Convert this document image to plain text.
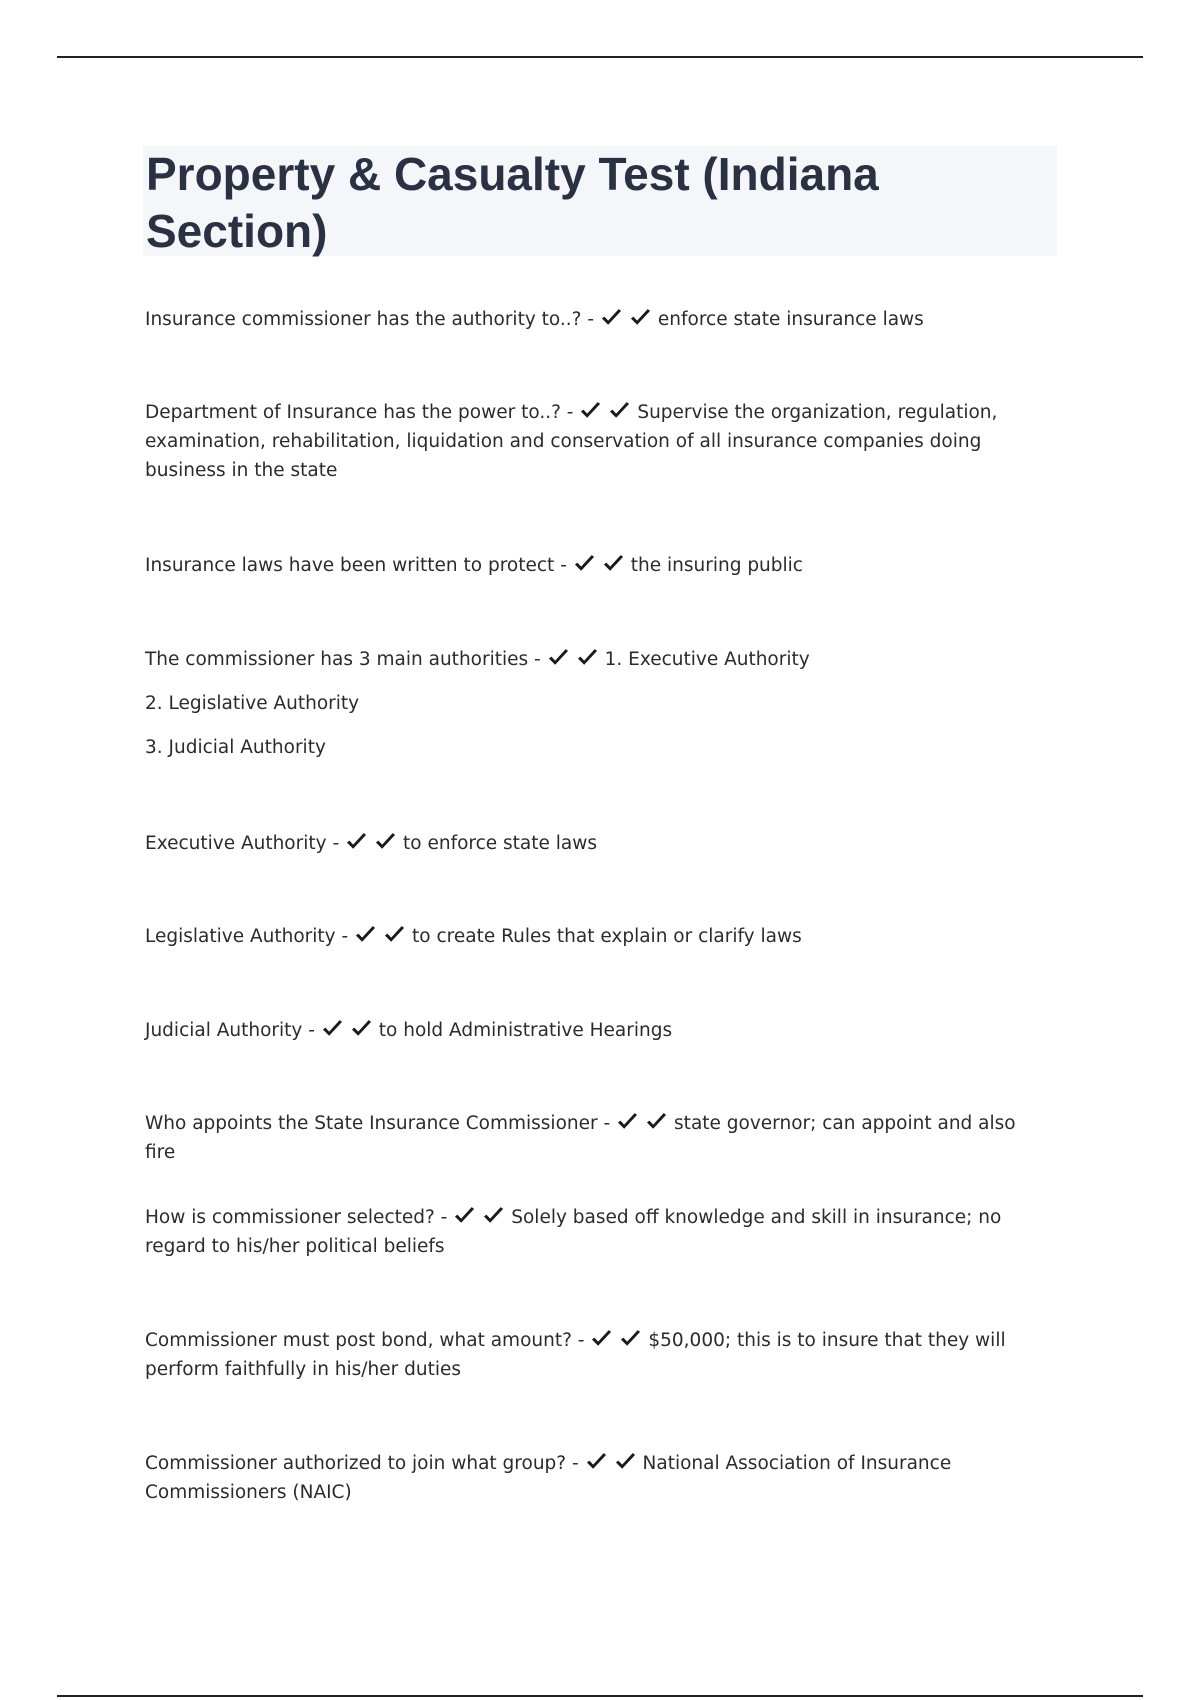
Property & Casualty Test (Indiana Section)

Insurance commissioner has the authority to..? -	enforce state insurance laws

Department of Insurance has the power to..? -	Supervise the organization, regulation, examination, rehabilitation, liquidation and conservation of all insurance companies doing business in the state

Insurance laws have been written to protect -	the insuring public

The commissioner has 3 main authorities -	1. Executive Authority
2. Legislative Authority
3. Judicial Authority

Executive Authority -	to enforce state laws

Legislative Authority -	to create Rules that explain or clarify laws

Judicial Authority -	to hold Administrative Hearings

Who appoints the State Insurance Commissioner -	state governor; can appoint and also fire

How is commissioner selected? -	Solely based off knowledge and skill in insurance; no regard to his/her political beliefs

Commissioner must post bond, what amount? -	$50,000; this is to insure that they will perform faithfully in his/her duties

Commissioner authorized to join what group? -	National Association of Insurance Commissioners (NAIC)
